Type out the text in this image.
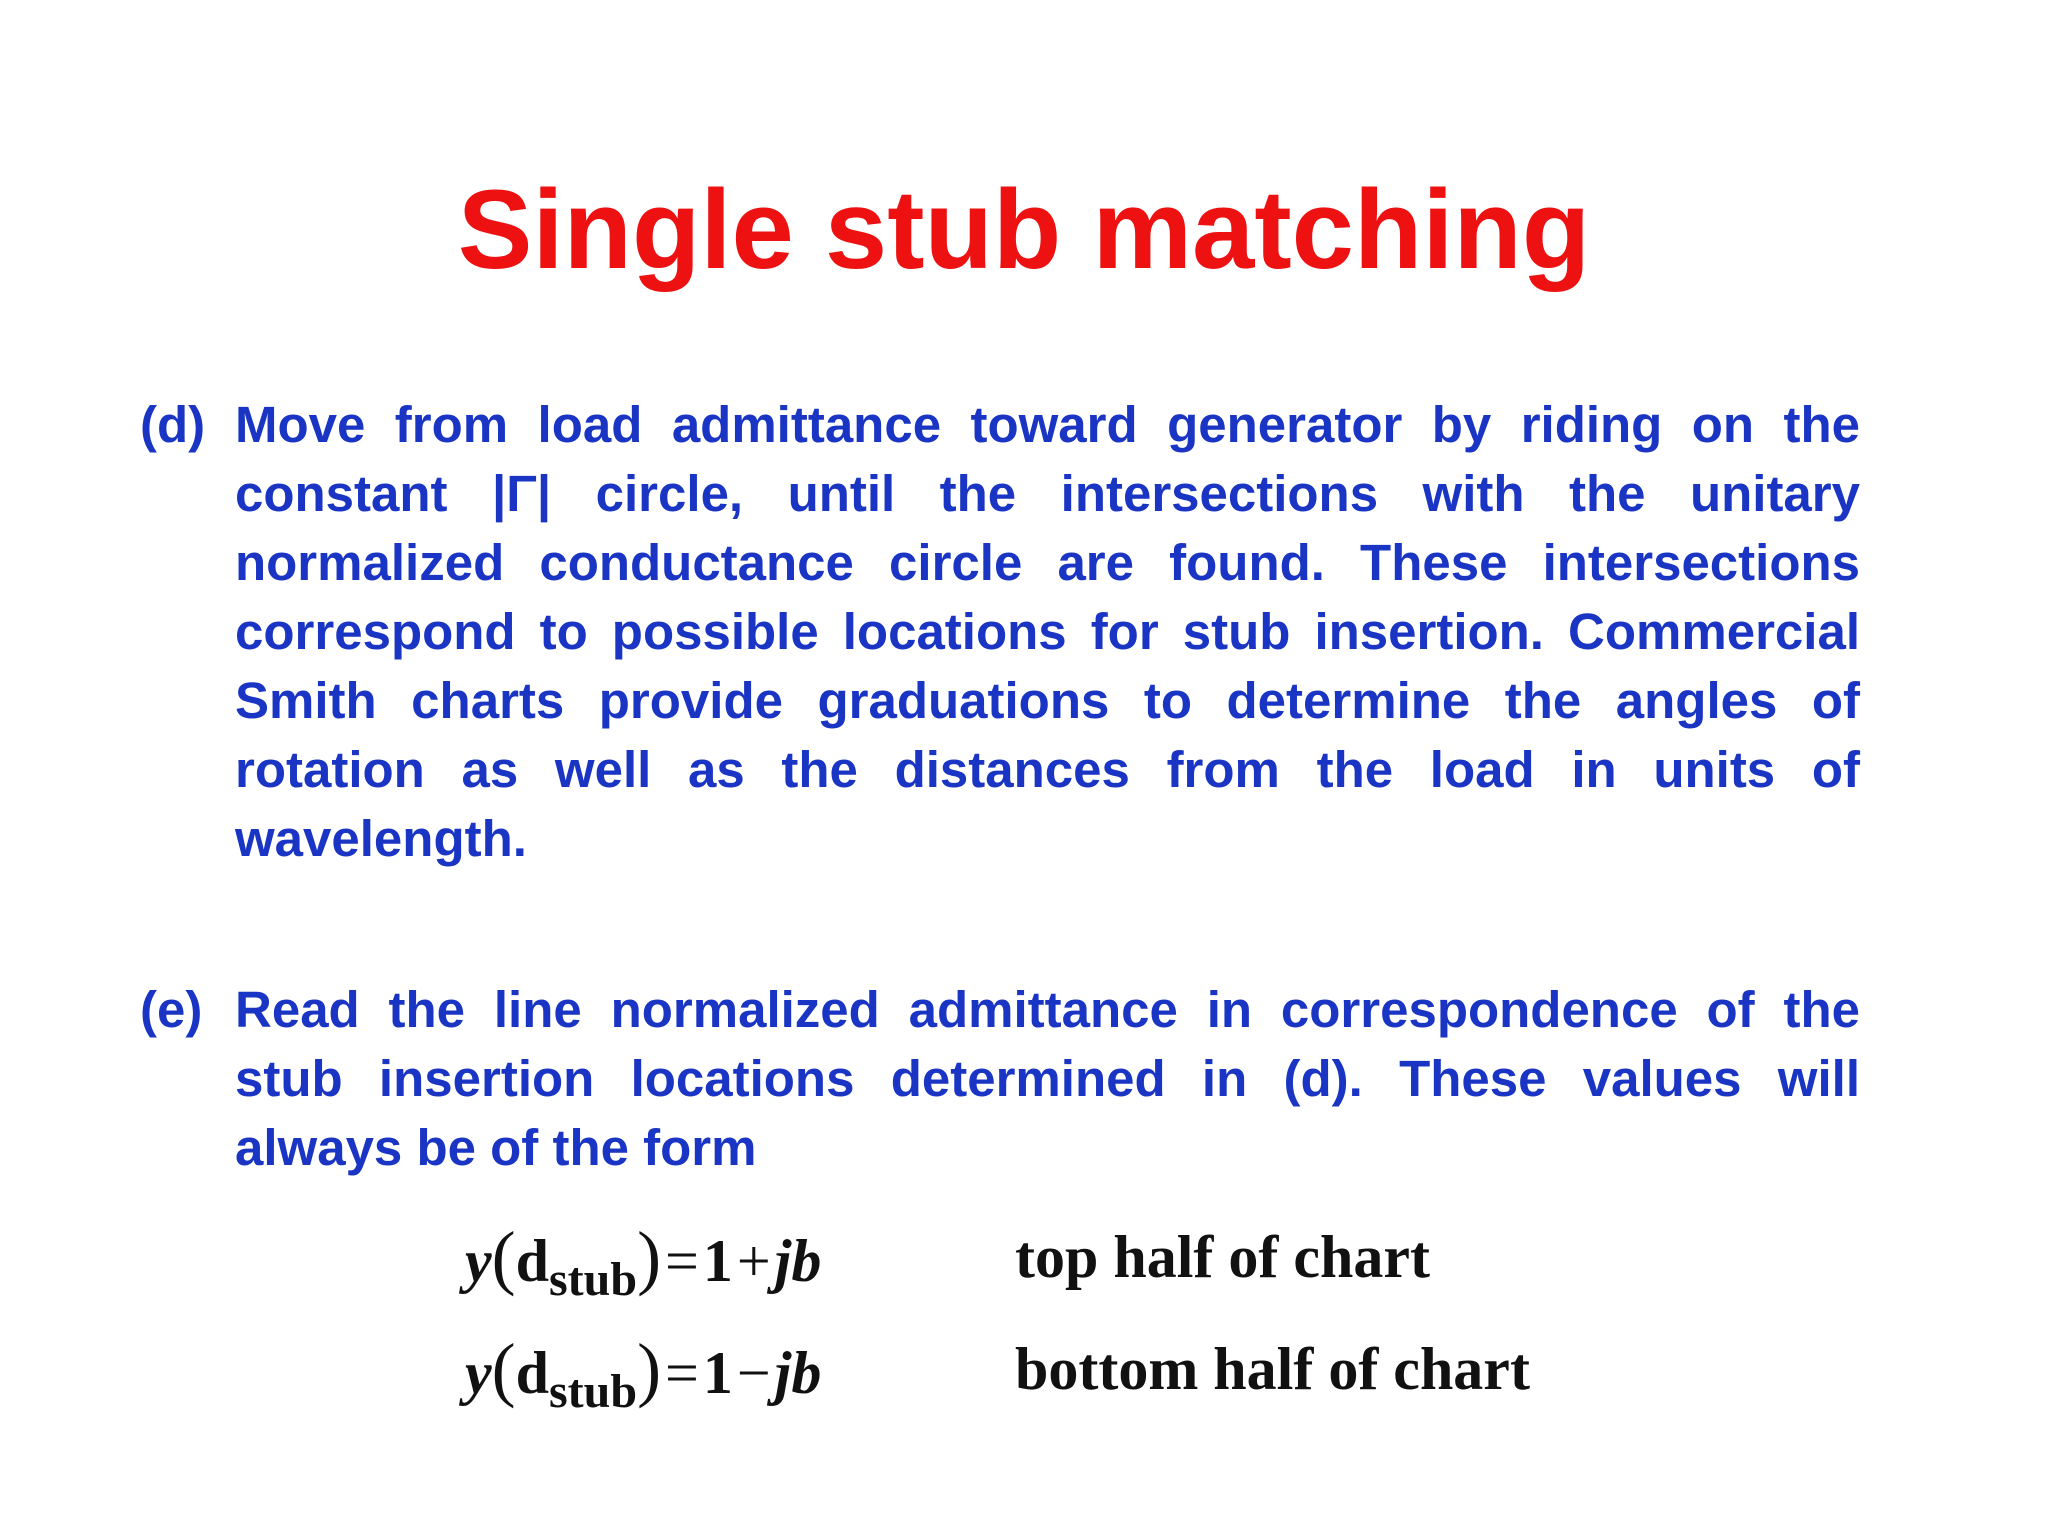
Single stub matching
(d) Move from load admittance toward generator by riding on the constant |Γ| circle, until the intersections with the unitary normalized conductance circle are found. These intersections correspond to possible locations for stub insertion. Commercial Smith charts provide graduations to determine the angles of rotation as well as the distances from the load in units of wavelength.
(e) Read the line normalized admittance in correspondence of the stub insertion locations determined in (d). These values will always be of the form
$y(d_{stub})=1+jb$	top half of chart
$y(d_{stub})=1-jb$	bottom half of chart
